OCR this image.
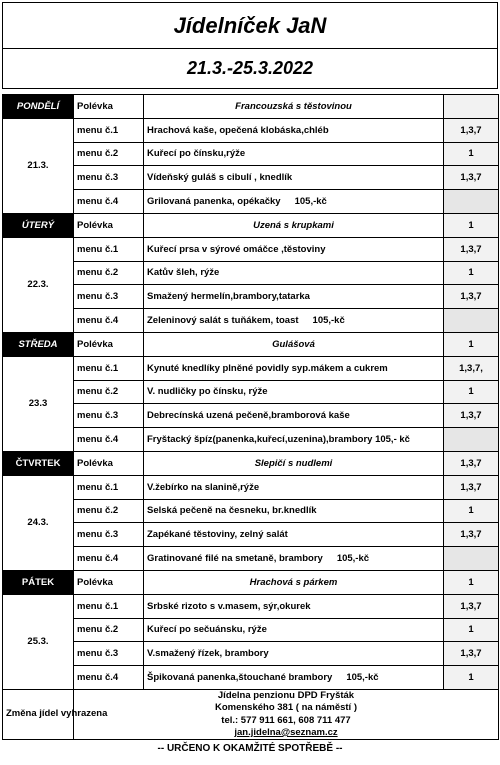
Jídelníček JaN
21.3.-25.3.2022
PONDĚLÍ	Polévka	Francouzská s těstovinou	
21.3.	menu č.1	Hrachová kaše, opečená klobáska,chléb	1,3,7
	menu č.2	Kuřecí po čínsku,rýže	1
	menu č.3	Vídeňský guláš s cibulí , knedlík	1,3,7
	menu č.4	Grilovaná panenka, opékačky 105,-kč	
ÚTERÝ	Polévka	Uzená s krupkami	1
22.3.	menu č.1	Kuřecí prsa v sýrové omáčce ,těstoviny	1,3,7
	menu č.2	Katův šleh, rýže	1
	menu č.3	Smažený hermelín,brambory,tatarka	1,3,7
	menu č.4	Zeleninový salát s tuňákem, toast 105,-kč	
STŘEDA	Polévka	Gulášová	1
23.3	menu č.1	Kynuté knedlíky plněné povidly syp.mákem a cukrem	1,3,7,
	menu č.2	V. nudličky po čínsku, rýže	1
	menu č.3	Debrecínská uzená pečeně,bramborová kaše	1,3,7
	menu č.4	Fryštacký špíz(panenka,kuřecí,uzenina),brambory 105,- kč	
ČTVRTEK	Polévka	Slepičí s nudlemi	1,3,7
24.3.	menu č.1	V.žebírko na slanině,rýže	1,3,7
	menu č.2	Selská pečeně na česneku, br.knedlík	1
	menu č.3	Zapékané těstoviny, zelný salát	1,3,7
	menu č.4	Gratinované filé na smetaně, brambory 105,-kč	
PÁTEK	Polévka	Hrachová s párkem	1
25.3.	menu č.1	Srbské rizoto s v.masem, sýr,okurek	1,3,7
	menu č.2	Kuřecí po sečuánsku, rýže	1
	menu č.3	V.smažený řízek, brambory	1,3,7
	menu č.4	Špikovaná panenka,štouchané brambory 105,-kč	1
Změna jídel vyhrazena	Jídelna penzionu DPD Fryšták
Komenského 381 ( na náměstí )
tel.: 577 911 661, 608 711 477
jan.jidelna@seznam.cz		
-- URČENO K OKAMŽITÉ SPOTŘEBĚ --
